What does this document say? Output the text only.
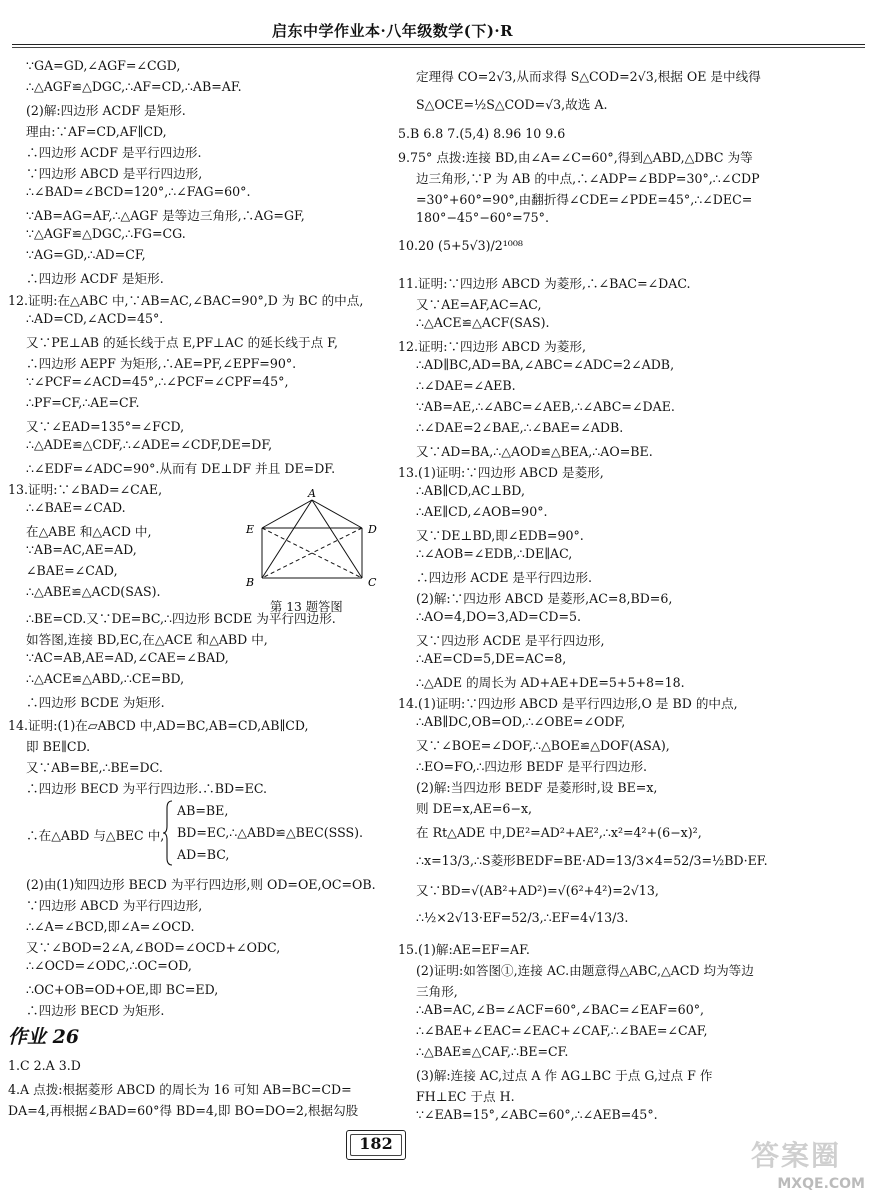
启东中学作业本·八年级数学(下)·R
∵GA=GD,∠AGF=∠CGD,
∴△AGF≌△DGC,∴AF=CD,∴AB=AF.
(2)解:四边形 ACDF 是矩形.
理由:∵AF=CD,AF∥CD,
∴四边形 ACDF 是平行四边形.
∵四边形 ABCD 是平行四边形,
∴∠BAD=∠BCD=120°,∴∠FAG=60°.
∵AB=AG=AF,∴△AGF 是等边三角形,∴AG=GF,
∵△AGF≌△DGC,∴FG=CG.
∵AG=GD,∴AD=CF,
∴四边形 ACDF 是矩形.
12.证明:在△ABC 中,∵AB=AC,∠BAC=90°,D 为 BC 的中点,
∴AD=CD,∠ACD=45°.
又∵PE⊥AB 的延长线于点 E,PF⊥AC 的延长线于点 F,
∴四边形 AEPF 为矩形,∴AE=PF,∠EPF=90°.
∵∠PCF=∠ACD=45°,∴∠PCF=∠CPF=45°,
∴PF=CF,∴AE=CF.
又∵∠EAD=135°=∠FCD,
∴△ADE≌△CDF,∴∠ADE=∠CDF,DE=DF,
∴∠EDF=∠ADC=90°.从而有 DE⊥DF 并且 DE=DF.
13.证明:∵∠BAD=∠CAE,
∴∠BAE=∠CAD.
在△ABE 和△ACD 中,
∵AB=AC,AE=AD,
∠BAE=∠CAD,
∴△ABE≌△ACD(SAS).
∴BE=CD.又∵DE=BC,∴四边形 BCDE 为平行四边形.
如答图,连接 BD,EC,在△ACE 和△ABD 中,
∵AC=AB,AE=AD,∠CAE=∠BAD,
∴△ACE≌△ABD,∴CE=BD,
∴四边形 BCDE 为矩形.
14.证明:(1)在▱ABCD 中,AD=BC,AB=CD,AB∥CD,
即 BE∥CD.
又∵AB=BE,∴BE=DC.
∴四边形 BECD 为平行四边形.∴BD=EC.
∴在△ABD 与△BEC 中,
(2)由(1)知四边形 BECD 为平行四边形,则 OD=OE,OC=OB.
∵四边形 ABCD 为平行四边形,
∴∠A=∠BCD,即∠A=∠OCD.
又∵∠BOD=2∠A,∠BOD=∠OCD+∠ODC,
∴∠OCD=∠ODC,∴OC=OD,
∴OC+OB=OD+OE,即 BC=ED,
∴四边形 BECD 为矩形.
AB=BE,
BD=EC,∴△ABD≌△BEC(SSS).
AD=BC,
A
E	D
B	C
第 13 题答图
作业 26
1.C 2.A 3.D
4.A 点拨:根据菱形 ABCD 的周长为 16 可知 AB=BC=CD=
DA=4,再根据∠BAD=60°得 BD=4,即 BO=DO=2,根据勾股
定理得 CO=2√3,从而求得 S△COD=2√3,根据 OE 是中线得
S△OCE=½S△COD=√3,故选 A.
5.B 6.8 7.(5,4) 8.96 10 9.6
9.75° 点拨:连接 BD,由∠A=∠C=60°,得到△ABD,△DBC 为等
边三角形,∵P 为 AB 的中点,∴∠ADP=∠BDP=30°,∴∠CDP
=30°+60°=90°,由翻折得∠CDE=∠PDE=45°,∴∠DEC=
180°−45°−60°=75°.
10.20 (5+5√3)/2¹⁰⁰⁸
11.证明:∵四边形 ABCD 为菱形,∴∠BAC=∠DAC.
又∵AE=AF,AC=AC,
∴△ACE≌△ACF(SAS).
12.证明:∵四边形 ABCD 为菱形,
∴AD∥BC,AD=BA,∠ABC=∠ADC=2∠ADB,
∴∠DAE=∠AEB.
∵AB=AE,∴∠ABC=∠AEB,∴∠ABC=∠DAE.
∴∠DAE=2∠BAE,∴∠BAE=∠ADB.
又∵AD=BA,∴△AOD≌△BEA,∴AO=BE.
13.(1)证明:∵四边形 ABCD 是菱形,
∴AB∥CD,AC⊥BD,
∴AE∥CD,∠AOB=90°.
又∵DE⊥BD,即∠EDB=90°.
∴∠AOB=∠EDB,∴DE∥AC,
∴四边形 ACDE 是平行四边形.
(2)解:∵四边形 ABCD 是菱形,AC=8,BD=6,
∴AO=4,DO=3,AD=CD=5.
又∵四边形 ACDE 是平行四边形,
∴AE=CD=5,DE=AC=8,
∴△ADE 的周长为 AD+AE+DE=5+5+8=18.
14.(1)证明:∵四边形 ABCD 是平行四边形,O 是 BD 的中点,
∴AB∥DC,OB=OD,∴∠OBE=∠ODF,
又∵∠BOE=∠DOF,∴△BOE≌△DOF(ASA),
∴EO=FO,∴四边形 BEDF 是平行四边形.
(2)解:当四边形 BEDF 是菱形时,设 BE=x,
则 DE=x,AE=6−x,
在 Rt△ADE 中,DE²=AD²+AE²,∴x²=4²+(6−x)²,
∴x=13/3,∴S菱形BEDF=BE·AD=13/3×4=52/3=½BD·EF.
又∵BD=√(AB²+AD²)=√(6²+4²)=2√13,
∴½×2√13·EF=52/3,∴EF=4√13/3.
15.(1)解:AE=EF=AF.
(2)证明:如答图①,连接 AC.由题意得△ABC,△ACD 均为等边
三角形,
∴AB=AC,∠B=∠ACF=60°,∠BAC=∠EAF=60°,
∴∠BAE+∠EAC=∠EAC+∠CAF,∴∠BAE=∠CAF,
∴△BAE≌△CAF,∴BE=CF.
(3)解:连接 AC,过点 A 作 AG⊥BC 于点 G,过点 F 作
FH⊥EC 于点 H.
∵∠EAB=15°,∠ABC=60°,∴∠AEB=45°.
182	答案圈
MXQE.COM
